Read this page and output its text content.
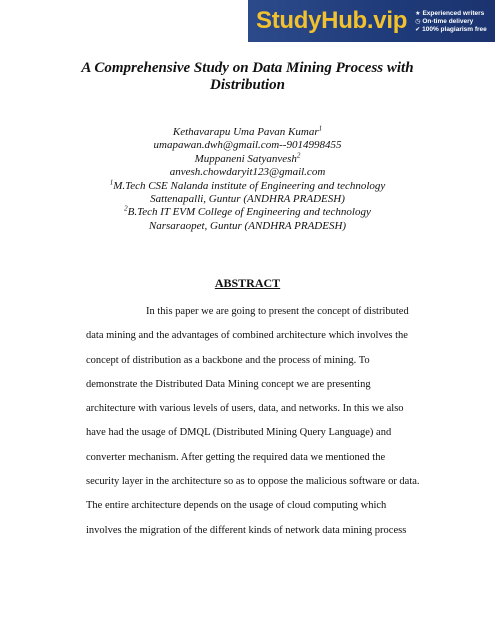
StudyHub.vip ★ Experienced writers
◷ On-time delivery
✔ 100% plagiarism free
A Comprehensive Study on Data Mining Process with
Distribution
Kethavarapu Uma Pavan Kumar$^1$
umapawan.dwh@gmail.com--9014998455
Muppaneni Satyanvesh$^2$
anvesh.chowdaryit123@gmail.com
$^1$M.Tech CSE Nalanda institute of Engineering and technology
Sattenapalli, Guntur (ANDHRA PRADESH)
$^2$B.Tech IT EVM College of Engineering and technology
Narsaraopet, Guntur (ANDHRA PRADESH)
ABSTRACT
In this paper we are going to present the concept of distributed
data mining and the advantages of combined architecture which involves the
concept of distribution as a backbone and the process of mining. To
demonstrate the Distributed Data Mining concept we are presenting
architecture with various levels of users, data, and networks. In this we also
have had the usage of DMQL (Distributed Mining Query Language) and
converter mechanism. After getting the required data we mentioned the
security layer in the architecture so as to oppose the malicious software or data.
The entire architecture depends on the usage of cloud computing which
involves the migration of the different kinds of network data mining process
